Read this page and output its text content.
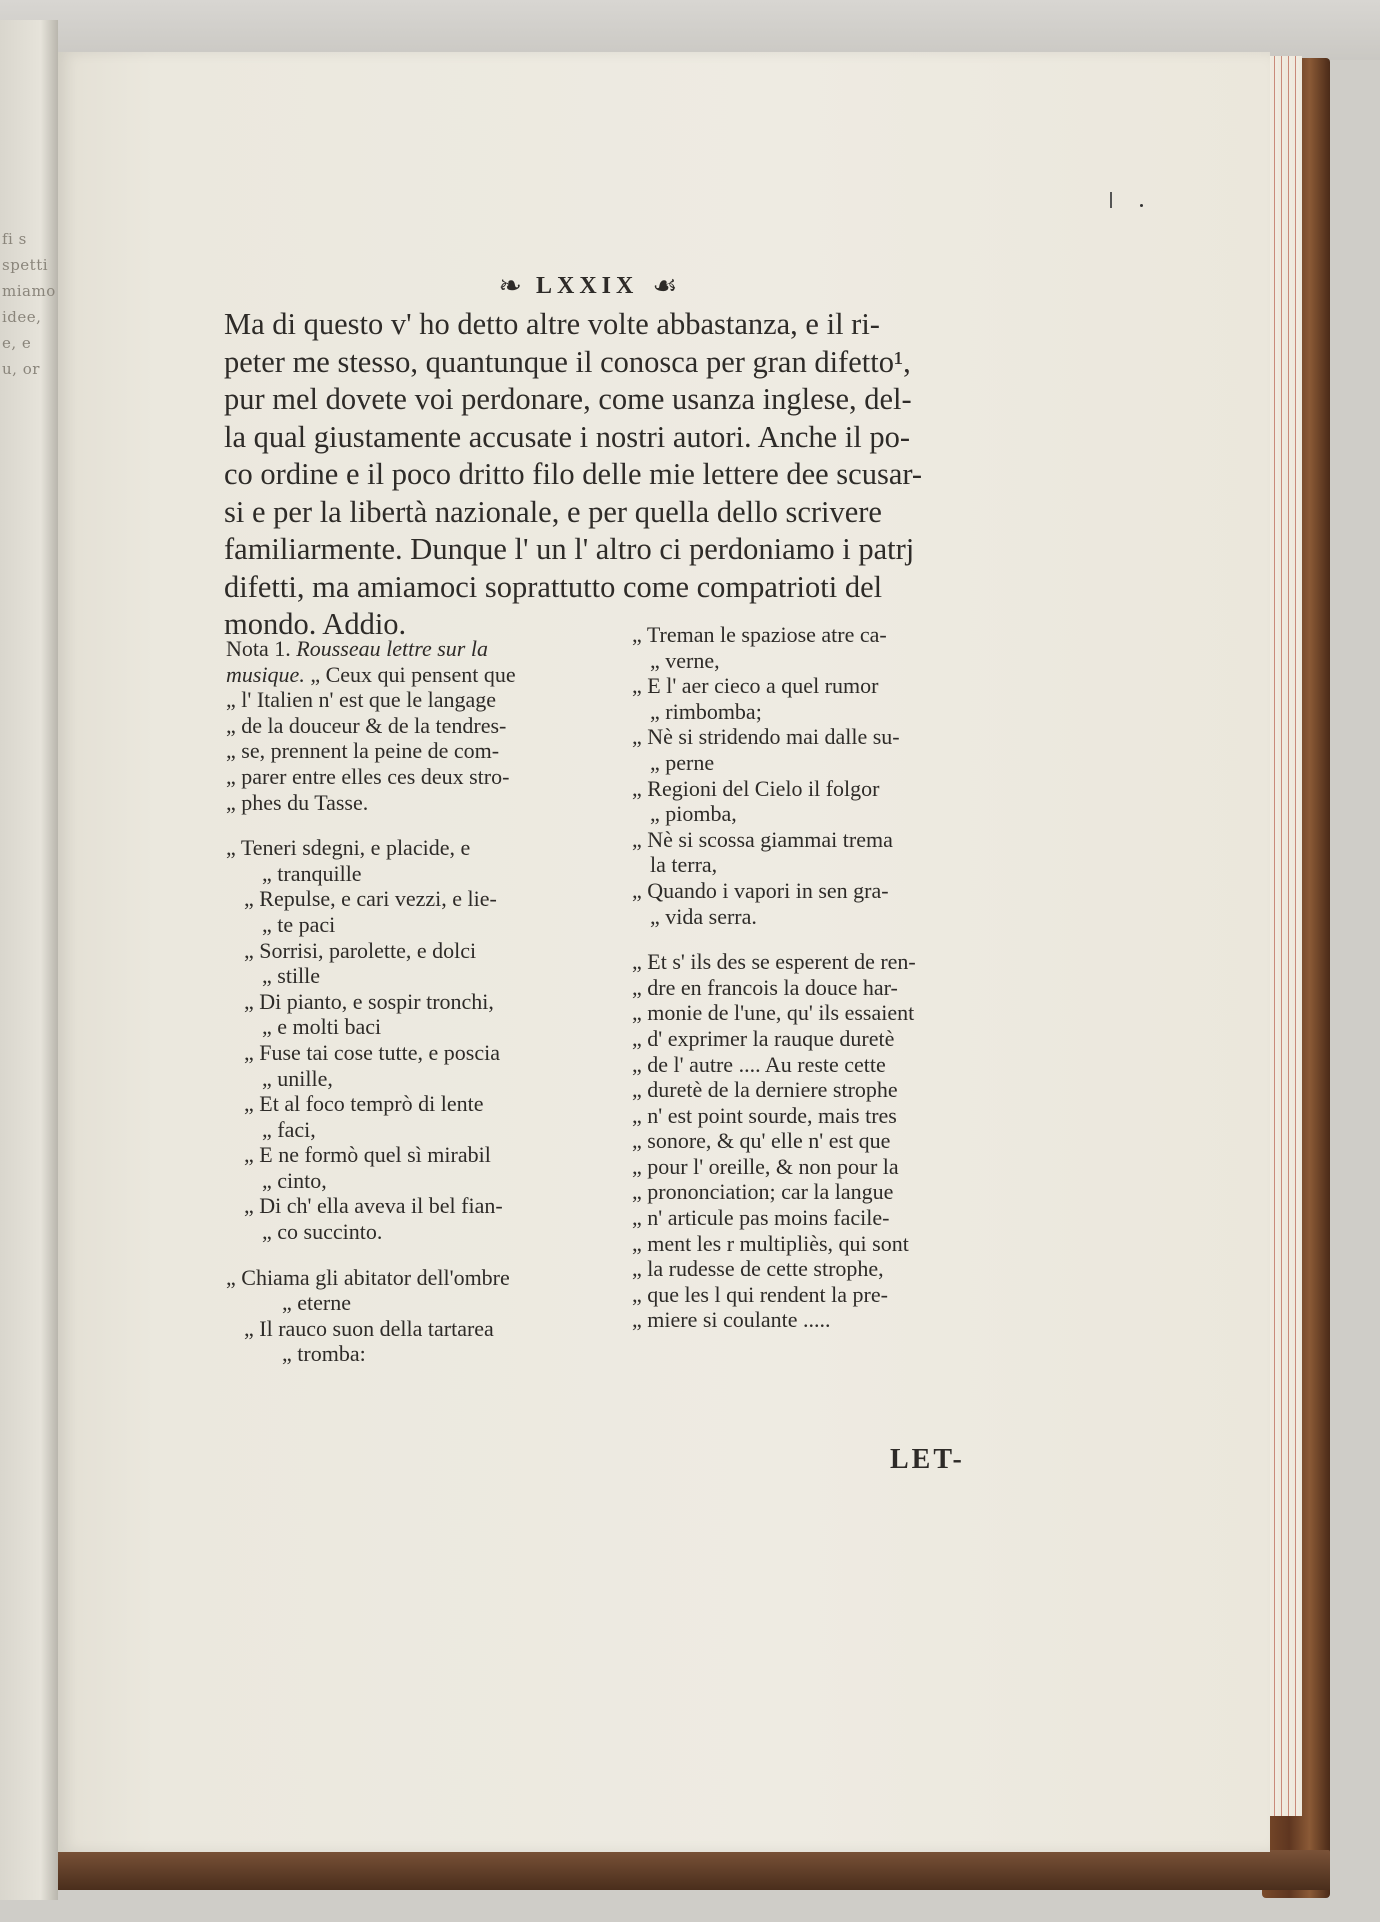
fi s
spetti
miamo
idee,
e, e
u, or
❧ LXXIX ☙
Ma di questo v' ho detto altre volte abbastanza, e il ri-
peter me stesso, quantunque il conosca per gran difetto¹,
pur mel dovete voi perdonare, come usanza inglese, del-
la qual giustamente accusate i nostri autori. Anche il po-
co ordine e il poco dritto filo delle mie lettere dee scusar-
si e per la libertà nazionale, e per quella dello scrivere
familiarmente. Dunque l' un l' altro ci perdoniamo i patrj
difetti, ma amiamoci soprattutto come compatrioti del
mondo. Addio.
Nota 1. Rousseau lettre sur la
musique. „ Ceux qui pensent que
„ l' Italien n' est que le langage
„ de la douceur & de la tendres-
„ se, prennent la peine de com-
„ parer entre elles ces deux stro-
„ phes du Tasse.
„ Teneri sdegni, e placide, e
„ tranquille
„ Repulse, e cari vezzi, e lie-
„ te paci
„ Sorrisi, parolette, e dolci
„ stille
„ Di pianto, e sospir tronchi,
„ e molti baci
„ Fuse tai cose tutte, e poscia
„ unille,
„ Et al foco temprò di lente
„ faci,
„ E ne formò quel sì mirabil
„ cinto,
„ Di ch' ella aveva il bel fian-
„ co succinto.
„ Chiama gli abitator dell'ombre
„ eterne
„ Il rauco suon della tartarea
„ tromba:
„ Treman le spaziose atre ca-
„ verne,
„ E l' aer cieco a quel rumor
„ rimbomba;
„ Nè si stridendo mai dalle su-
„ perne
„ Regioni del Cielo il folgor
„ piomba,
„ Nè si scossa giammai trema
la terra,
„ Quando i vapori in sen gra-
„ vida serra.
„ Et s' ils des se esperent de ren-
„ dre en francois la douce har-
„ monie de l'une, qu' ils essaient
„ d' exprimer la rauque duretè
„ de l' autre .... Au reste cette
„ duretè de la derniere strophe
„ n' est point sourde, mais tres
„ sonore, & qu' elle n' est que
„ pour l' oreille, & non pour la
„ prononciation; car la langue
„ n' articule pas moins facile-
„ ment les r multipliès, qui sont
„ la rudesse de cette strophe,
„ que les l qui rendent la pre-
„ miere si coulante .....
LET-
